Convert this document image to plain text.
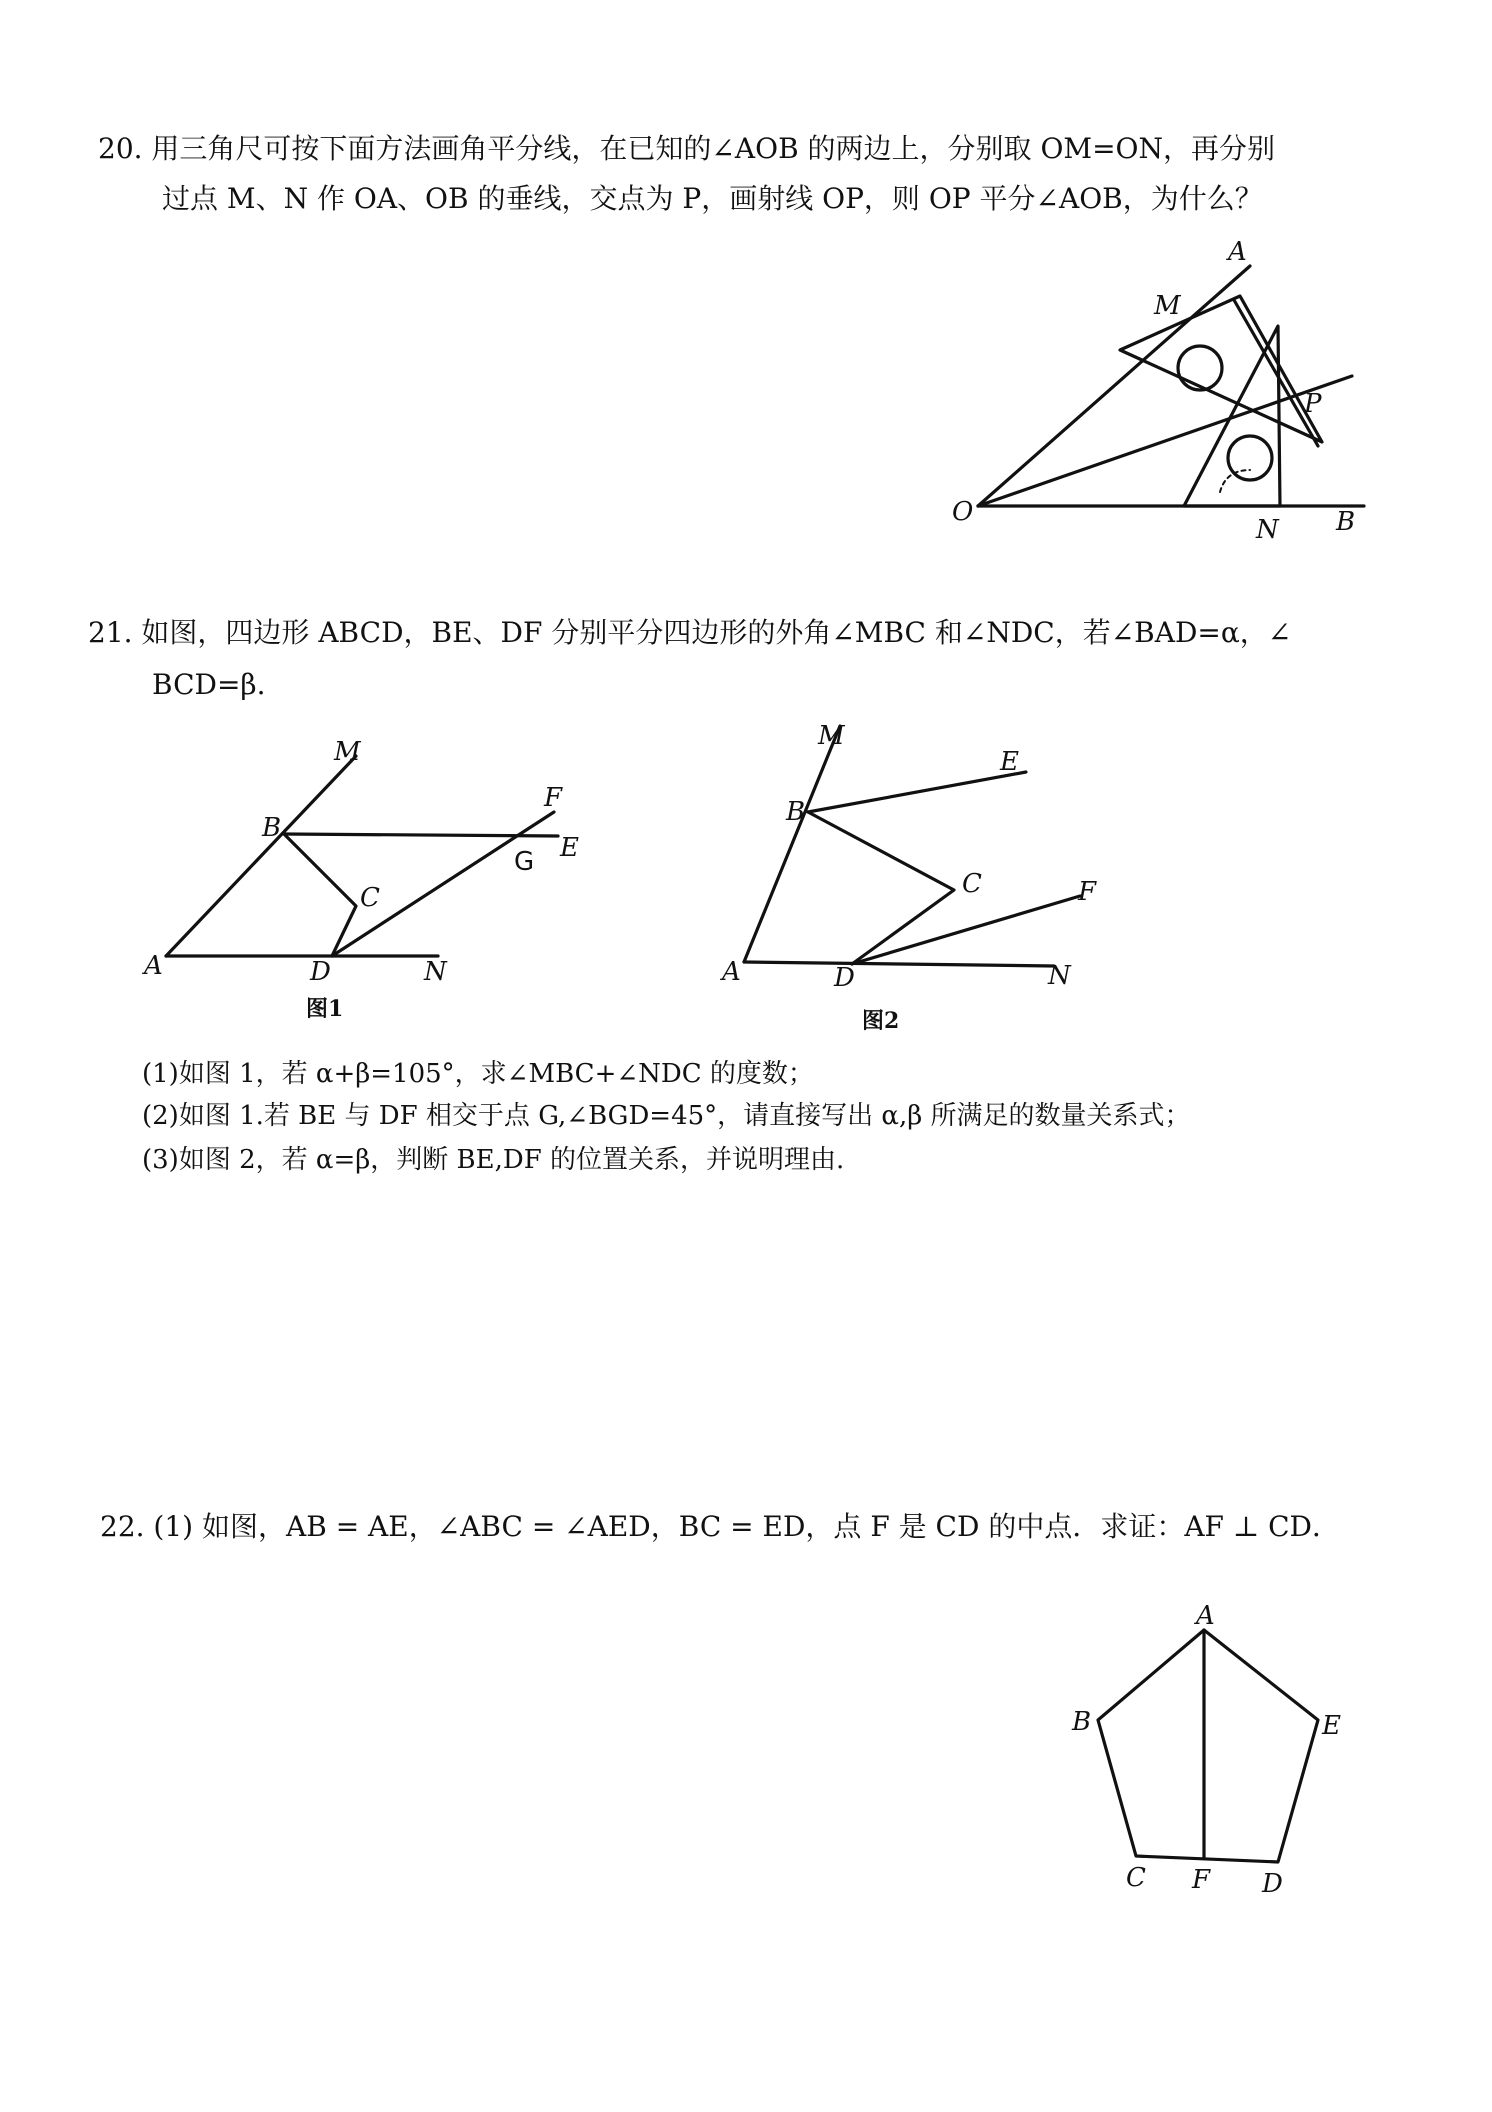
20. 用三角尺可按下面方法画角平分线，在已知的∠AOB 的两边上，分别取 OM=ON，再分别
过点 M、N 作 OA、OB 的垂线，交点为 P，画射线 OP，则 OP 平分∠AOB，为什么？
A
M
P
O
N B
21. 如图，四边形 ABCD，BE、DF 分别平分四边形的外角∠MBC 和∠NDC，若∠BAD=α，∠
BCD=β.
M
B
F
E
G
C
A	D	N
图1
M
E
B
C	F
A	D	N
图2
(1)如图 1，若 α+β=105°，求∠MBC+∠NDC 的度数；
(2)如图 1.若 BE 与 DF 相交于点 G,∠BGD=45°，请直接写出 α,β 所满足的数量关系式；
(3)如图 2，若 α=β，判断 BE,DF 的位置关系，并说明理由.
22. (1) 如图，AB = AE，∠ABC = ∠AED，BC = ED，点 F 是 CD 的中点．求证：AF ⊥ CD．
A
B	E
C F D
